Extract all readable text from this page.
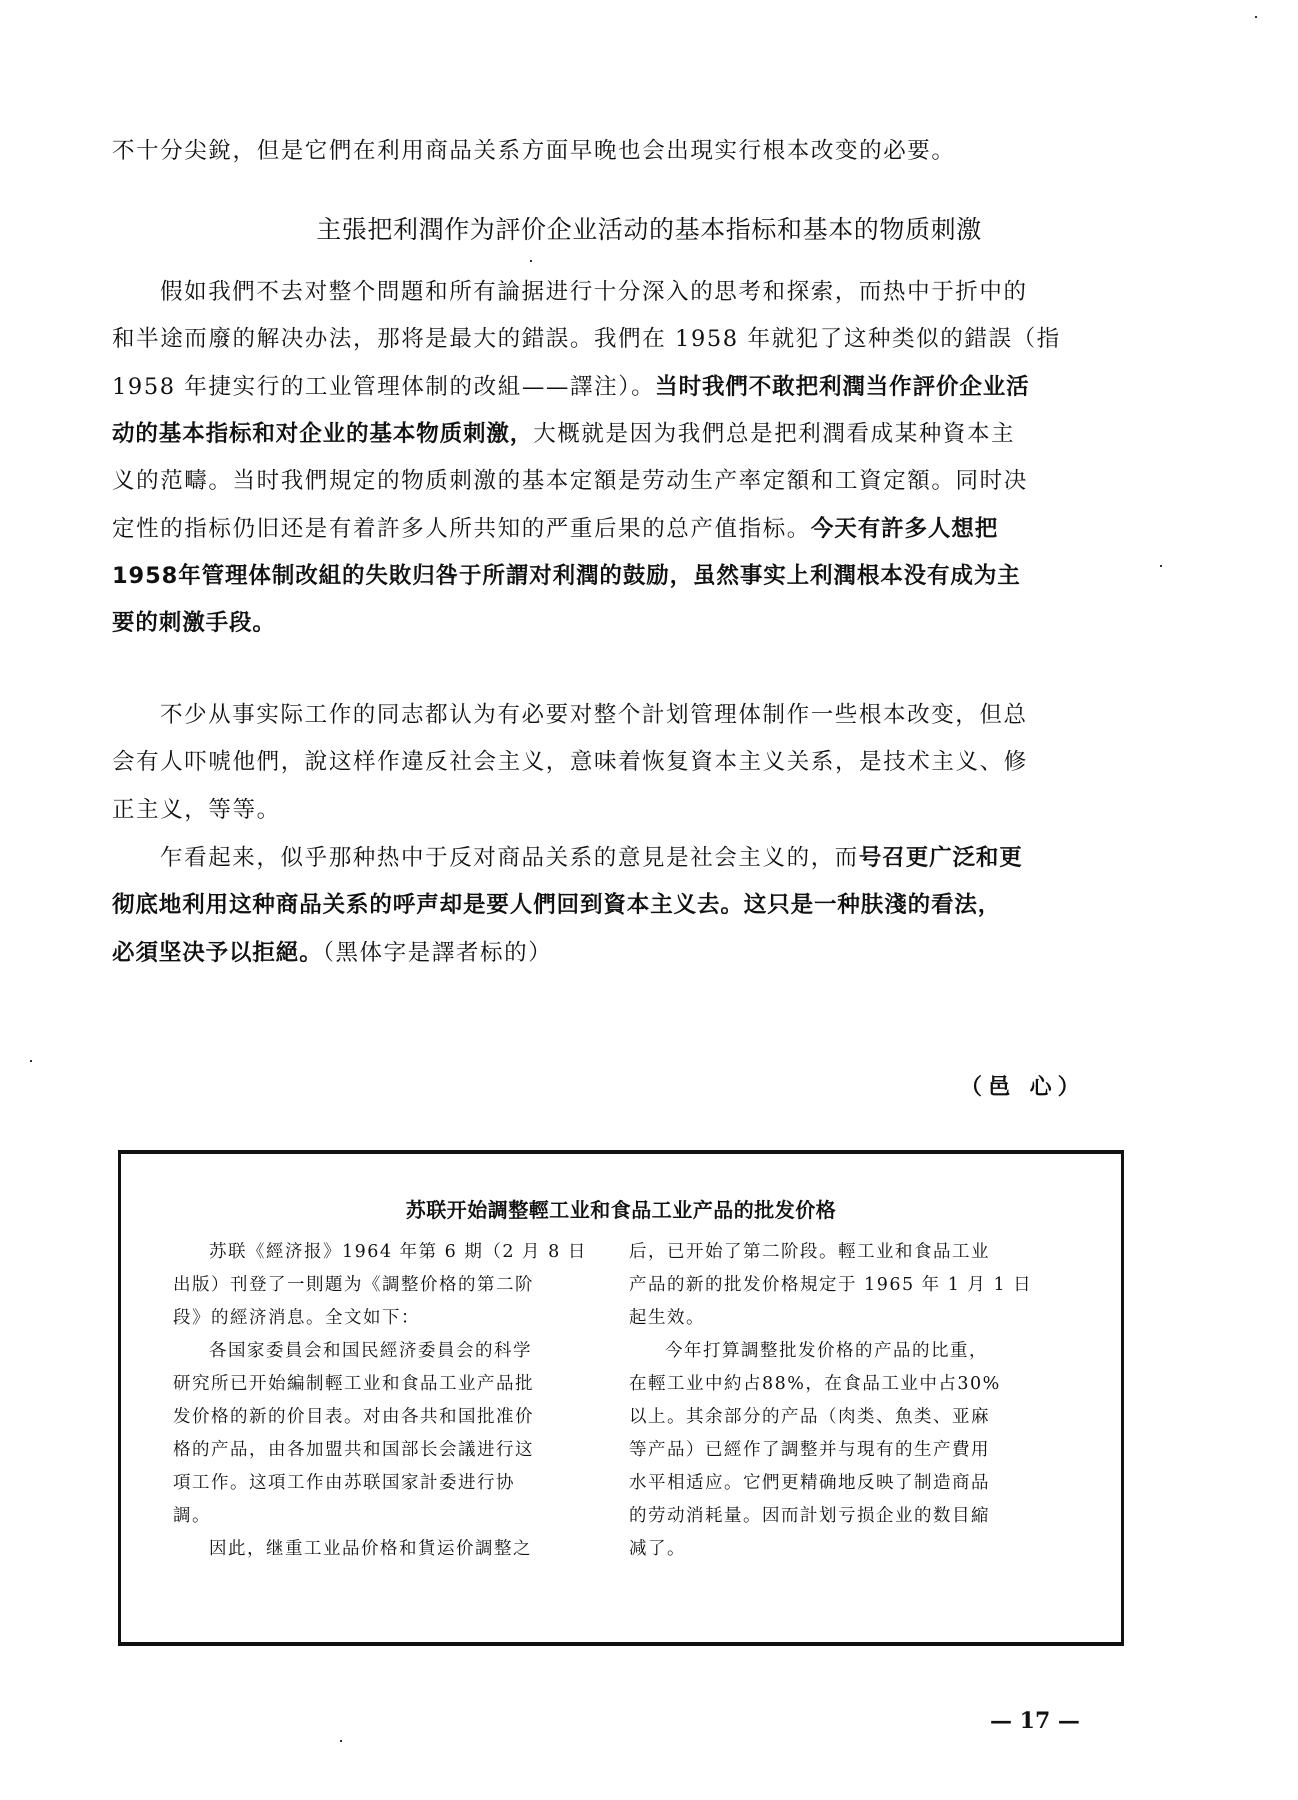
不十分尖銳，但是它們在利用商品关系方面早晚也会出現实行根本改变的必要。
主張把利潤作为評价企业活动的基本指标和基本的物质刺激
假如我們不去对整个問題和所有論据进行十分深入的思考和探索，而热中于折中的
和半途而廢的解决办法，那将是最大的錯誤。我們在 1958 年就犯了这种类似的錯誤（指
1958 年捷实行的工业管理体制的改組——譯注）。当时我們不敢把利潤当作評价企业活
动的基本指标和对企业的基本物质刺激，大概就是因为我們总是把利潤看成某种資本主
义的范疇。当时我們規定的物质刺激的基本定額是劳动生产率定額和工資定額。同时决
定性的指标仍旧还是有着許多人所共知的严重后果的总产值指标。今天有許多人想把
1958年管理体制改組的失敗归咎于所謂对利潤的鼓励，虽然事实上利潤根本没有成为主
要的刺激手段。
不少从事实际工作的同志都认为有必要对整个計划管理体制作一些根本改变，但总
会有人吓唬他們，說这样作違反社会主义，意味着恢复資本主义关系，是技术主义、修
正主义，等等。
乍看起来，似乎那种热中于反对商品关系的意見是社会主义的，而号召更广泛和更
彻底地利用这种商品关系的呼声却是要人們回到資本主义去。这只是一种肤淺的看法，
必須坚决予以拒絕。（黑体字是譯者标的）
（邑 心）
苏联开始調整輕工业和食品工业产品的批发价格
苏联《經济报》1964 年第 6 期（2 月 8 日
出版）刊登了一則題为《調整价格的第二阶
段》的經济消息。全文如下：
各国家委員会和国民經济委員会的科学
研究所已开始編制輕工业和食品工业产品批
发价格的新的价目表。对由各共和国批准价
格的产品，由各加盟共和国部长会議进行这
項工作。这項工作由苏联国家計委进行协
調。
因此，继重工业品价格和貨运价調整之
后，已开始了第二阶段。輕工业和食品工业
产品的新的批发价格規定于 1965 年 1 月 1 日
起生效。
今年打算調整批发价格的产品的比重，
在輕工业中約占88%，在食品工业中占30%
以上。其余部分的产品（肉类、魚类、亚麻
等产品）已經作了調整并与現有的生产費用
水平相适应。它們更精确地反映了制造商品
的劳动消耗量。因而計划亏损企业的数目縮
减了。
— 17 —
